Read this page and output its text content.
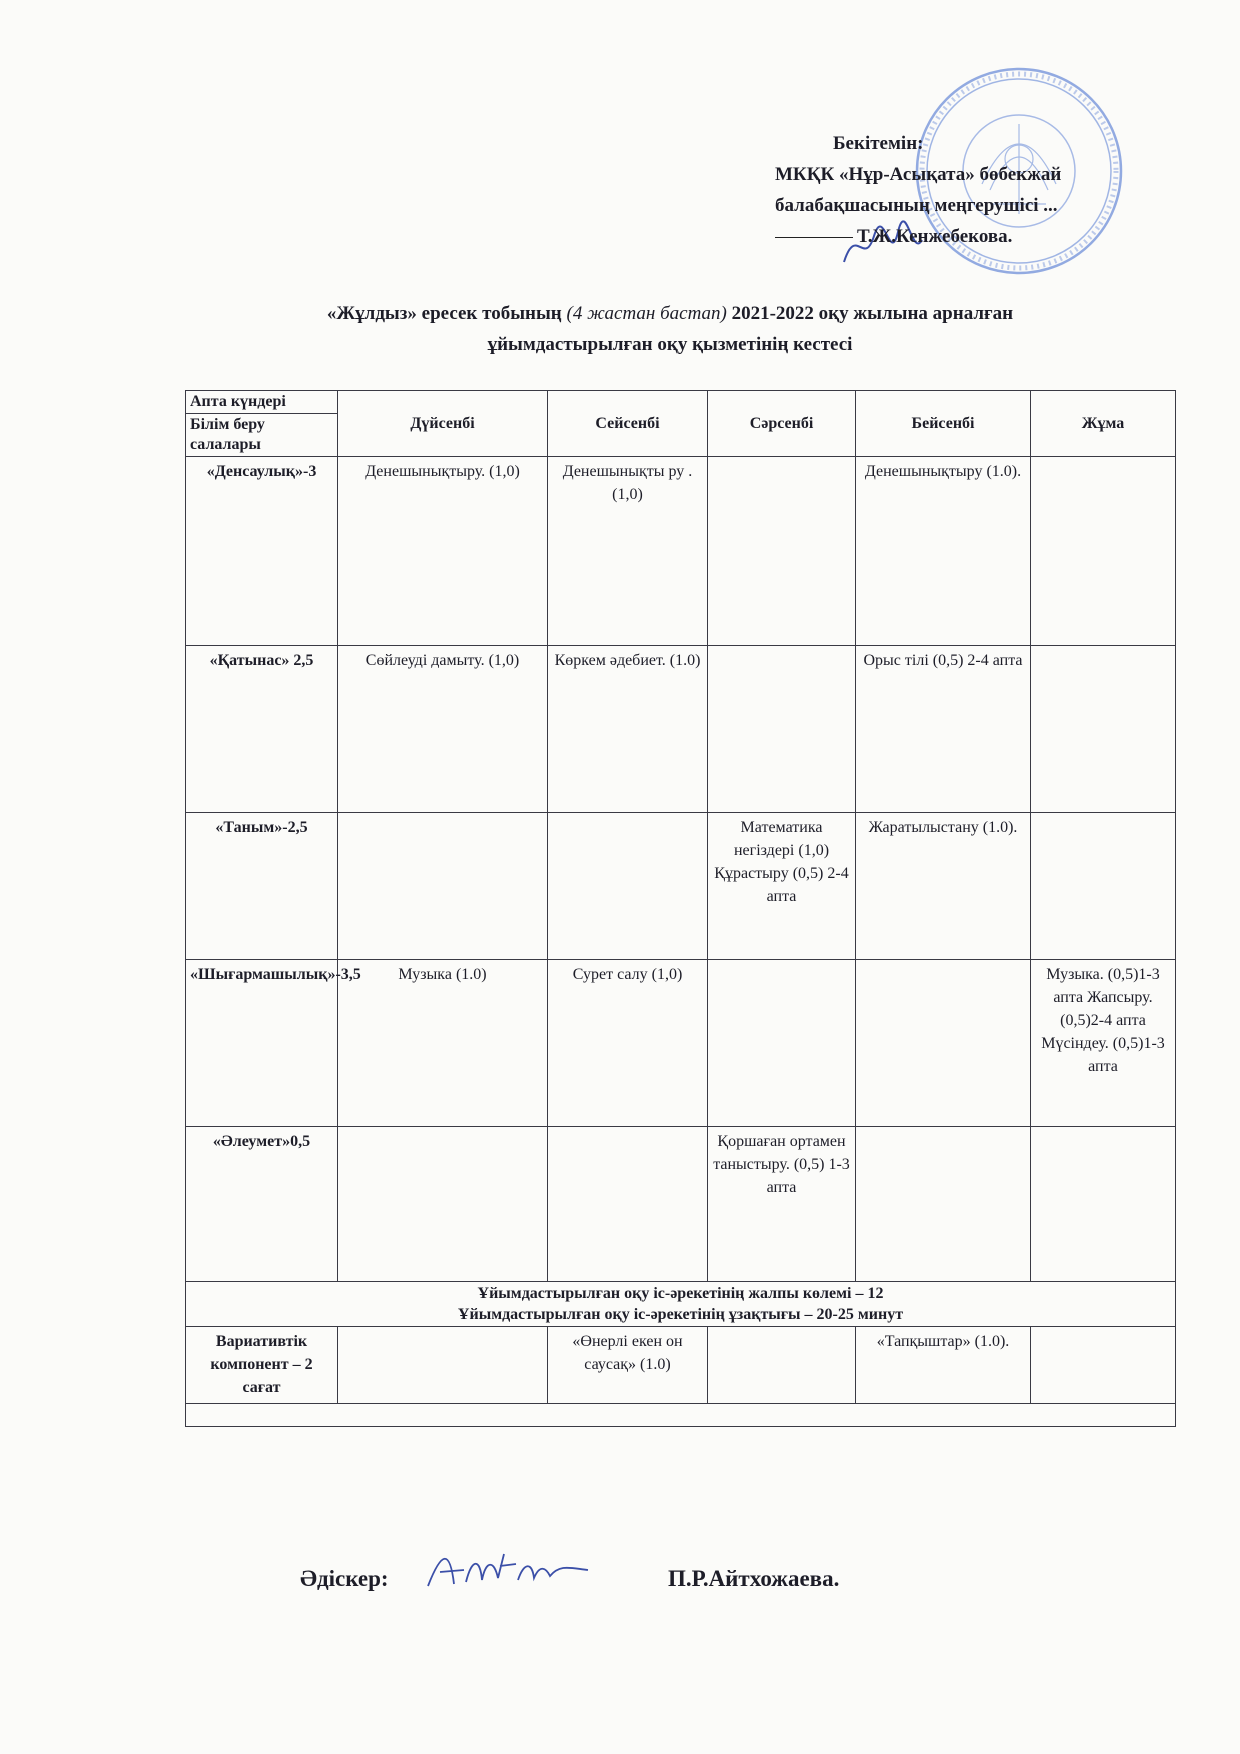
Бекітемін:
МКҚК «Нұр-Асықата» бөбекжай
балабақшасының меңгерушісі ...
Т.Ж.Кенжебекова.
«Жұлдыз» ересек тобының (4 жастан бастап) 2021-2022 оқу жылына арналған
ұйымдастырылған оқу қызметінің кестесі
Апта күндері
Білім беру салалары	Дүйсенбі	Сейсенбі	Сәрсенбі	Бейсенбі	Жұма
«Денсаулық»-3	Денешынықтыру. (1,0)	Денешынықты ру . (1,0)		Денешынықтыру (1.0).	
«Қатынас» 2,5	Сөйлеуді дамыту. (1,0)	Көркем әдебиет. (1.0)		Орыс тілі (0,5) 2-4 апта	
«Таным»-2,5			Математика негіздері (1,0) Құрастыру (0,5) 2-4 апта	Жаратылыстану (1.0).	
«Шығармашылық»-3,5	Музыка (1.0)	Сурет салу (1,0)			Музыка. (0,5)1-3 апта Жапсыру. (0,5)2-4 апта Мүсіндеу. (0,5)1-3 апта
«Әлеумет»0,5			Қоршаған ортамен таныстыру. (0,5) 1-3 апта		

Ұйымдастырылған оқу іс-әрекетінің жалпы көлемі – 12
Ұйымдастырылған оқу іс-әрекетінің ұзақтығы – 20-25 минут					

Вариативтік компонент – 2 сағат		«Өнерлі екен он саусақ» (1.0)		«Тапқыштар» (1.0).	

Әдіскер:	П.Р.Айтхожаева.
